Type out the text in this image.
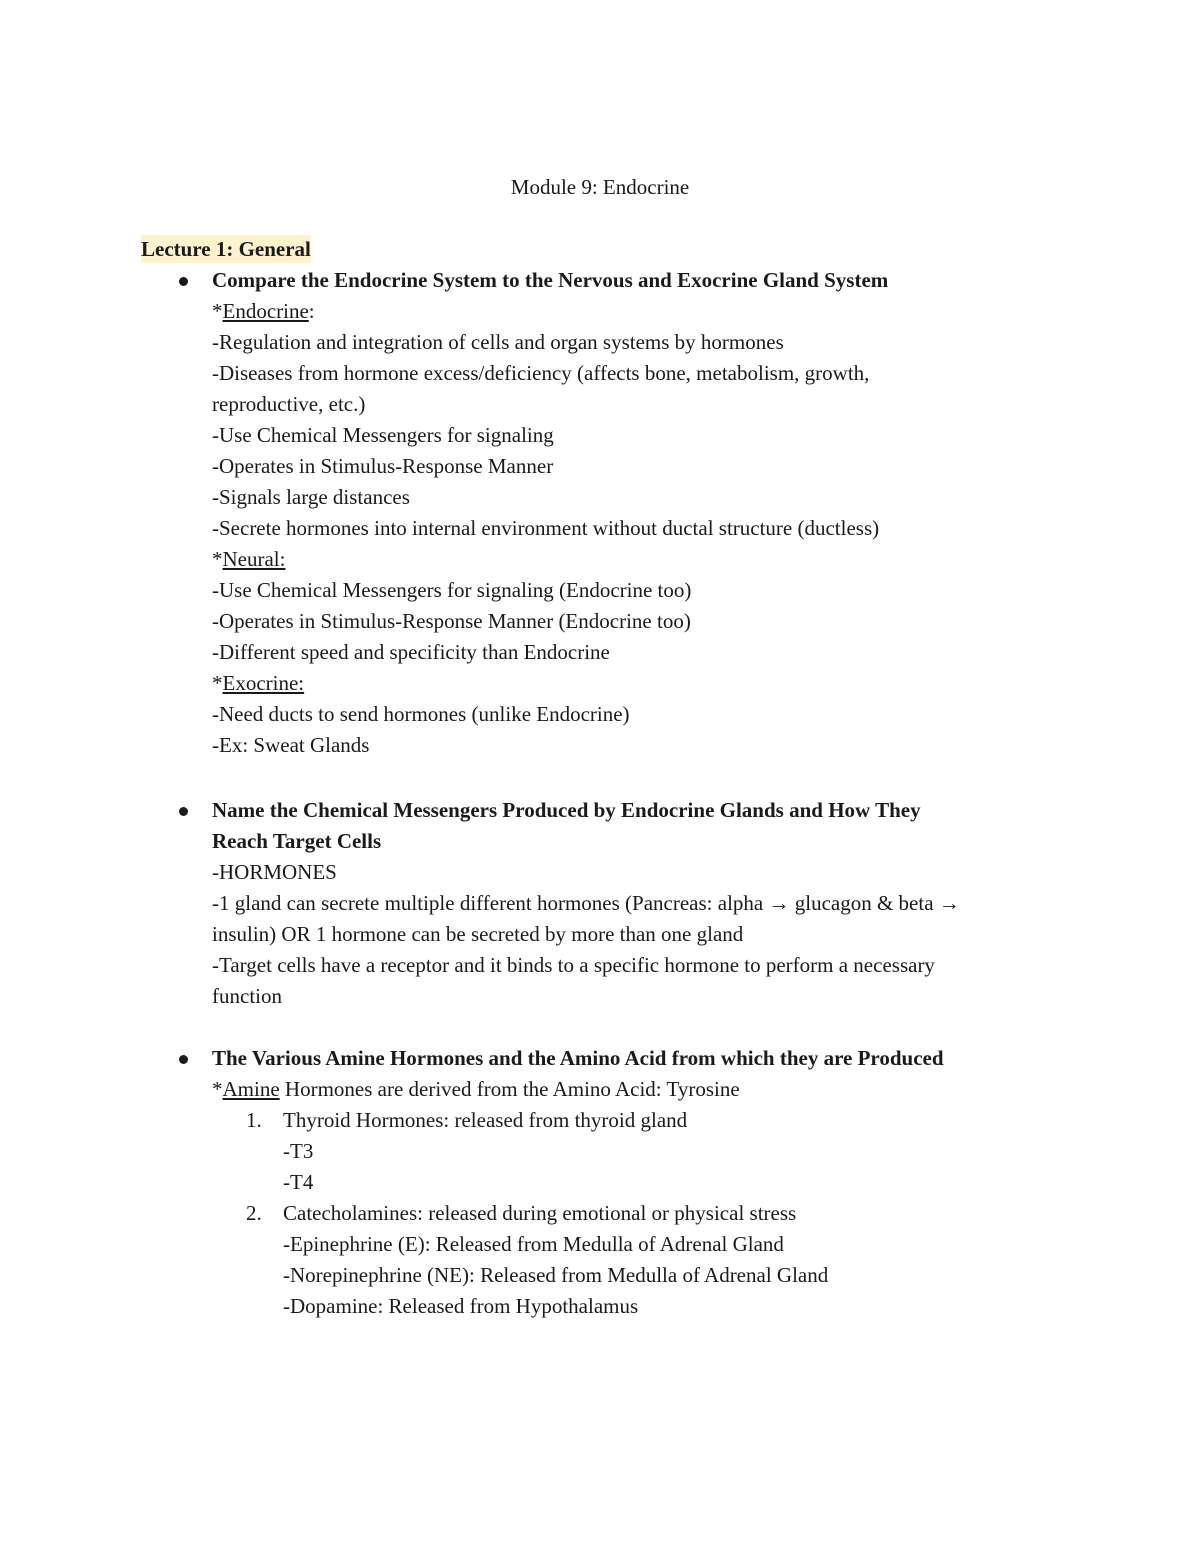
Module 9: Endocrine
Lecture 1: General
Compare the Endocrine System to the Nervous and Exocrine Gland System
*Endocrine:
-Regulation and integration of cells and organ systems by hormones
-Diseases from hormone excess/deficiency (affects bone, metabolism, growth,
reproductive, etc.)
-Use Chemical Messengers for signaling
-Operates in Stimulus-Response Manner
-Signals large distances
-Secrete hormones into internal environment without ductal structure (ductless)
*Neural:
-Use Chemical Messengers for signaling (Endocrine too)
-Operates in Stimulus-Response Manner (Endocrine too)
-Different speed and specificity than Endocrine
*Exocrine:
-Need ducts to send hormones (unlike Endocrine)
-Ex: Sweat Glands
Name the Chemical Messengers Produced by Endocrine Glands and How They
Reach Target Cells
-HORMONES
-1 gland can secrete multiple different hormones (Pancreas: alpha → glucagon & beta →
insulin) OR 1 hormone can be secreted by more than one gland
-Target cells have a receptor and it binds to a specific hormone to perform a necessary
function
The Various Amine Hormones and the Amino Acid from which they are Produced
*Amine Hormones are derived from the Amino Acid: Tyrosine
1. Thyroid Hormones: released from thyroid gland
-T3
-T4
2. Catecholamines: released during emotional or physical stress
-Epinephrine (E): Released from Medulla of Adrenal Gland
-Norepinephrine (NE): Released from Medulla of Adrenal Gland
-Dopamine: Released from Hypothalamus
